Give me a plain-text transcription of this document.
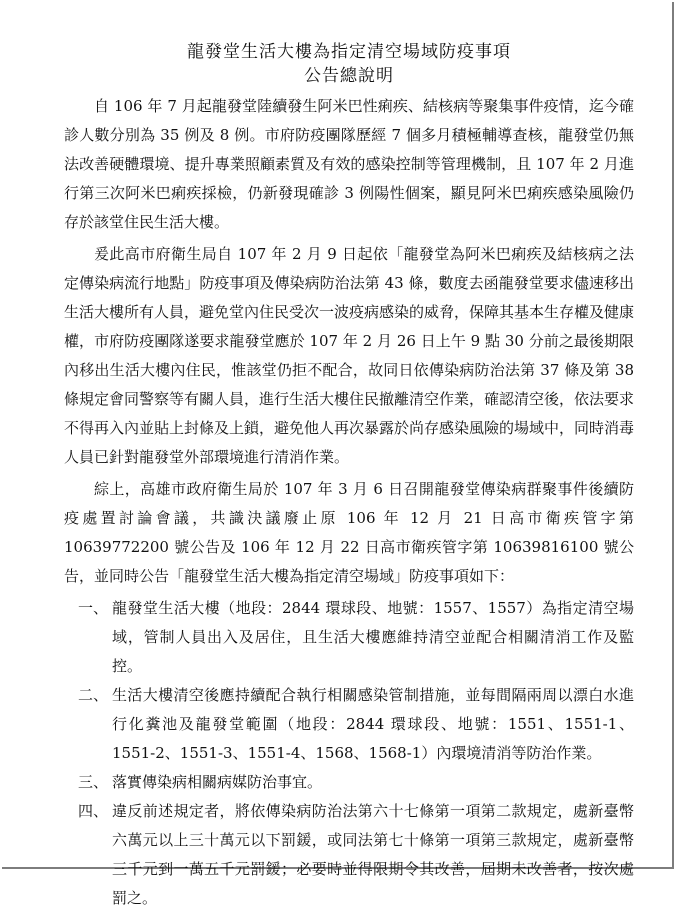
龍發堂生活大樓為指定清空場域防疫事項
公告總說明

自 106 年 7 月起龍發堂陸續發生阿米巴性痢疾、結核病等聚集事件疫情，迄今確診人數分別為 35 例及 8 例。市府防疫團隊歷經 7 個多月積極輔導查核，龍發堂仍無法改善硬體環境、提升專業照顧素質及有效的感染控制等管理機制，且 107 年 2 月進行第三次阿米巴痢疾採檢，仍新發現確診 3 例陽性個案，顯見阿米巴痢疾感染風險仍存於該堂住民生活大樓。

爰此高市府衛生局自 107 年 2 月 9 日起依「龍發堂為阿米巴痢疾及結核病之法定傳染病流行地點」防疫事項及傳染病防治法第 43 條，數度去函龍發堂要求儘速移出生活大樓所有人員，避免堂內住民受次一波疫病感染的威脅，保障其基本生存權及健康權，市府防疫團隊遂要求龍發堂應於 107 年 2 月 26 日上午 9 點 30 分前之最後期限內移出生活大樓內住民，惟該堂仍拒不配合，故同日依傳染病防治法第 37 條及第 38 條規定會同警察等有關人員，進行生活大樓住民撤離清空作業，確認清空後，依法要求不得再入內並貼上封條及上鎖，避免他人再次暴露於尚存感染風險的場域中，同時消毒人員已針對龍發堂外部環境進行清消作業。

綜上，高雄市政府衛生局於 107 年 3 月 6 日召開龍發堂傳染病群聚事件後續防疫處置討論會議，共識決議廢止原 106 年 12 月 21 日高市衛疾管字第 10639772200 號公告及 106 年 12 月 22 日高市衛疾管字第 10639816100 號公告，並同時公告「龍發堂生活大樓為指定清空場域」防疫事項如下：

一、 龍發堂生活大樓（地段：2844 環球段、地號：1557、1557）為指定清空場域，管制人員出入及居住，且生活大樓應維持清空並配合相關清消工作及監控。
二、 生活大樓清空後應持續配合執行相關感染管制措施，並每間隔兩周以漂白水進行化糞池及龍發堂範圍（地段：2844 環球段、地號：1551、1551-1、1551-2、1551-3、1551-4、1568、1568-1）內環境清消等防治作業。
三、 落實傳染病相關病媒防治事宜。
四、 違反前述規定者，將依傳染病防治法第六十七條第一項第二款規定，處新臺幣六萬元以上三十萬元以下罰鍰，或同法第七十條第一項第三款規定，處新臺幣三千元到一萬五千元罰鍰；必要時並得限期令其改善，屆期未改善者，按次處罰之。
